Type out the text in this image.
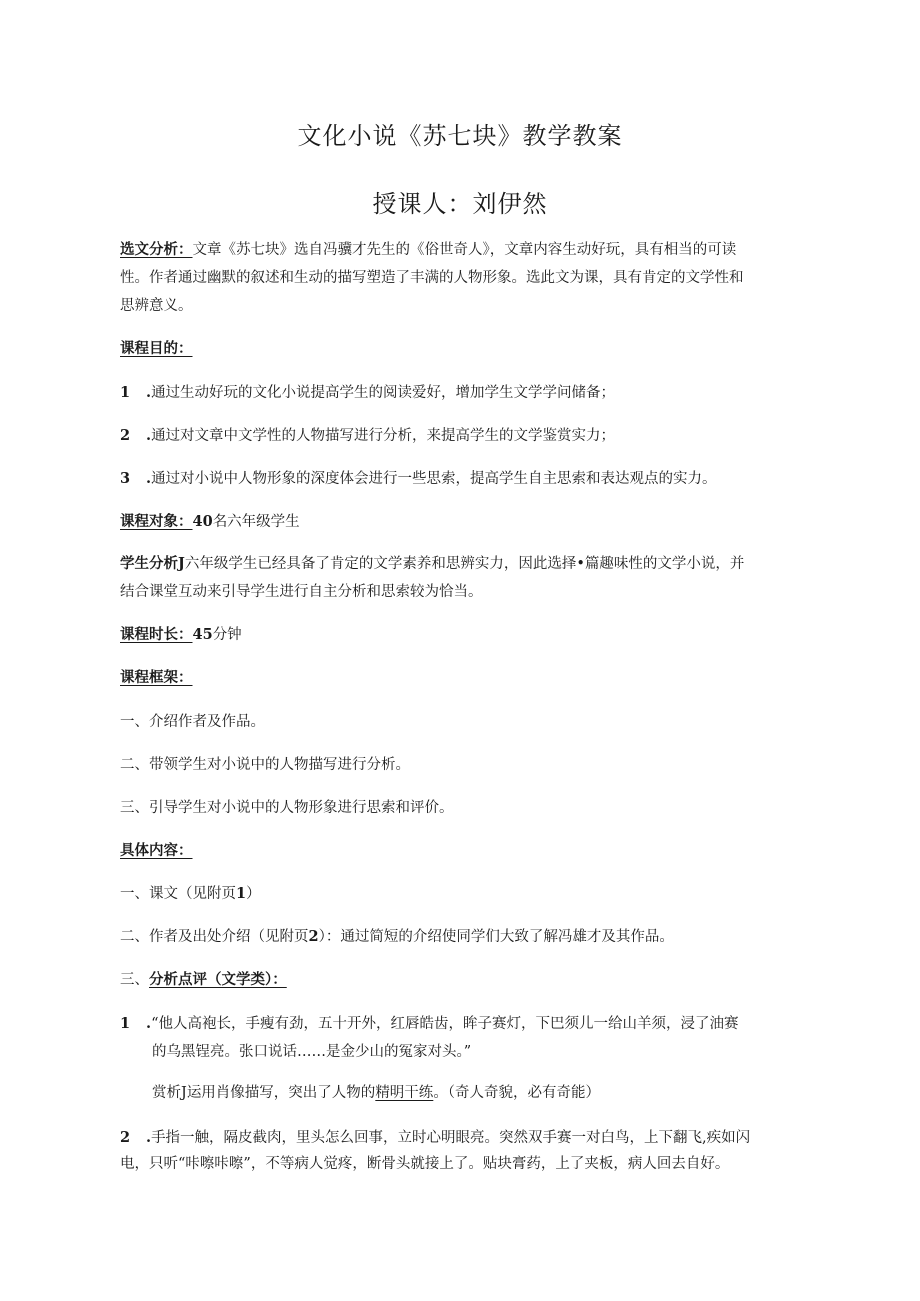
文化小说《苏七块》教学教案
授课人：刘伊然
选文分析：文章《苏七块》选自冯骥才先生的《俗世奇人》，文章内容生动好玩，具有相当的可读
性。作者通过幽默的叙述和生动的描写塑造了丰满的人物形象。选此文为课，具有肯定的文学性和
思辨意义。
课程目的：
1 .通过生动好玩的文化小说提高学生的阅读爱好，增加学生文学学问储备；
2 .通过对文章中文学性的人物描写进行分析，来提高学生的文学鉴赏实力；
3 .通过对小说中人物形象的深度体会进行一些思索，提高学生自主思索和表达观点的实力。
课程对象：40名六年级学生
学生分析J六年级学生已经具备了肯定的文学素养和思辨实力，因此选择•篇趣味性的文学小说，并
结合课堂互动来引导学生进行自主分析和思索较为恰当。
课程时长：45分钟
课程框架：
一、介绍作者及作品。
二、带领学生对小说中的人物描写进行分析。
三、引导学生对小说中的人物形象进行思索和评价。
具体内容：
一、课文（见附页1）
二、作者及出处介绍（见附页2）：通过简短的介绍使同学们大致了解冯雄才及其作品。
三、分析点评（文学类）：
1 .“他人高袍长，手瘦有劲，五十开外，红唇皓齿，眸子赛灯，下巴须儿一给山羊须，浸了油赛
的乌黑锃亮。张口说话……是金少山的冤家对头。”
赏析J运用肖像描写，突出了人物的精明干练。（奇人奇貌，必有奇能）
2 .手指一触，隔皮截肉，里头怎么回事，立时心明眼亮。突然双手赛一对白鸟，上下翻飞,疾如闪
电，只听“咔嚓咔嚓”，不等病人觉疼，断骨头就接上了。贴块膏药，上了夹板，病人回去自好。
